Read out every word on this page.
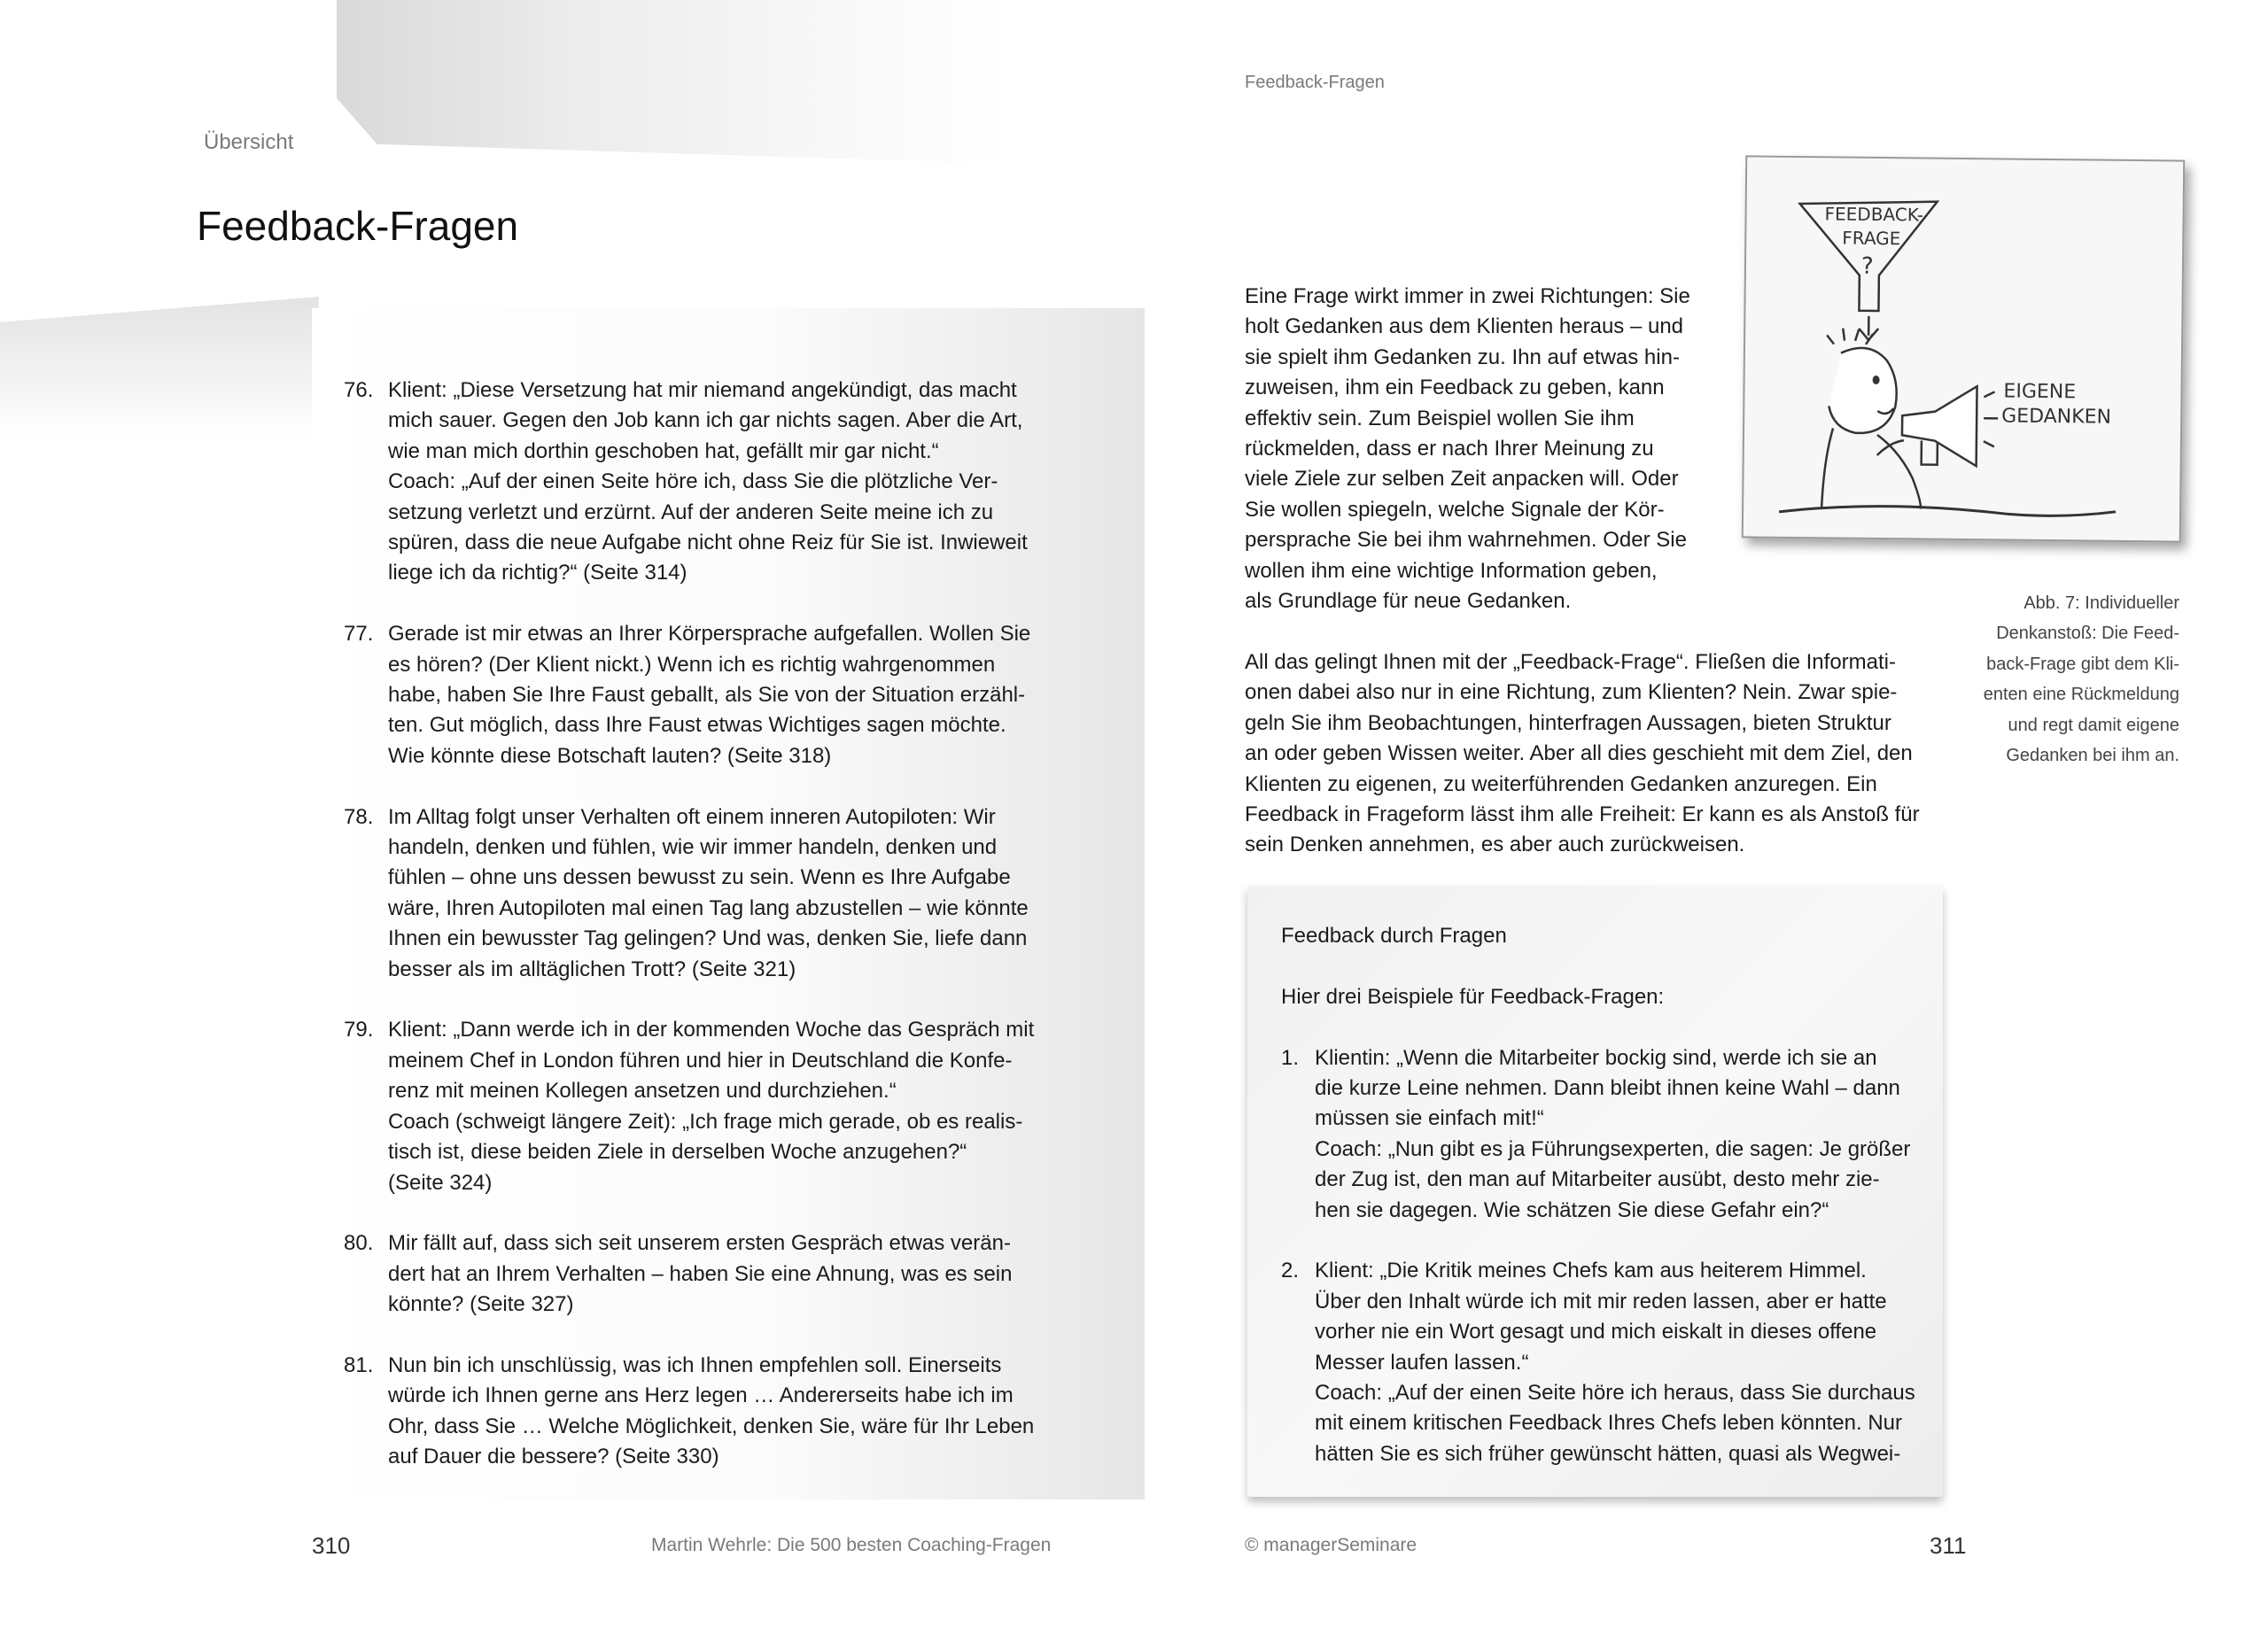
Übersicht
Feedback-Fragen
Feedback-Fragen
76. Klient: „Diese Versetzung hat mir niemand angekündigt, das macht
mich sauer. Gegen den Job kann ich gar nichts sagen. Aber die Art,
wie man mich dorthin geschoben hat, gefällt mir gar nicht.“
Coach: „Auf der einen Seite höre ich, dass Sie die plötzliche Ver-
setzung verletzt und erzürnt. Auf der anderen Seite meine ich zu
spüren, dass die neue Aufgabe nicht ohne Reiz für Sie ist. Inwieweit
liege ich da richtig?“ (Seite 314)
77. Gerade ist mir etwas an Ihrer Körpersprache aufgefallen. Wollen Sie
es hören? (Der Klient nickt.) Wenn ich es richtig wahrgenommen
habe, haben Sie Ihre Faust geballt, als Sie von der Situation erzähl-
ten. Gut möglich, dass Ihre Faust etwas Wichtiges sagen möchte.
Wie könnte diese Botschaft lauten? (Seite 318)
78. Im Alltag folgt unser Verhalten oft einem inneren Autopiloten: Wir
handeln, denken und fühlen, wie wir immer handeln, denken und
fühlen – ohne uns dessen bewusst zu sein. Wenn es Ihre Aufgabe
wäre, Ihren Autopiloten mal einen Tag lang abzustellen – wie könnte
Ihnen ein bewusster Tag gelingen? Und was, denken Sie, liefe dann
besser als im alltäglichen Trott? (Seite 321)
79. Klient: „Dann werde ich in der kommenden Woche das Gespräch mit
meinem Chef in London führen und hier in Deutschland die Konfe-
renz mit meinen Kollegen ansetzen und durchziehen.“
Coach (schweigt längere Zeit): „Ich frage mich gerade, ob es realis-
tisch ist, diese beiden Ziele in derselben Woche anzugehen?“
(Seite 324)
80. Mir fällt auf, dass sich seit unserem ersten Gespräch etwas verän-
dert hat an Ihrem Verhalten – haben Sie eine Ahnung, was es sein
könnte? (Seite 327)
81. Nun bin ich unschlüssig, was ich Ihnen empfehlen soll. Einerseits
würde ich Ihnen gerne ans Herz legen … Andererseits habe ich im
Ohr, dass Sie … Welche Möglichkeit, denken Sie, wäre für Ihr Leben
auf Dauer die bessere? (Seite 330)
Eine Frage wirkt immer in zwei Richtungen: Sie
holt Gedanken aus dem Klienten heraus – und
sie spielt ihm Gedanken zu. Ihn auf etwas hin-
zuweisen, ihm ein Feedback zu geben, kann
effektiv sein. Zum Beispiel wollen Sie ihm
rückmelden, dass er nach Ihrer Meinung zu
viele Ziele zur selben Zeit anpacken will. Oder
Sie wollen spiegeln, welche Signale der Kör-
persprache Sie bei ihm wahrnehmen. Oder Sie
wollen ihm eine wichtige Information geben,
als Grundlage für neue Gedanken.
All das gelingt Ihnen mit der „Feedback-Frage“. Fließen die Informati-
onen dabei also nur in eine Richtung, zum Klienten? Nein. Zwar spie-
geln Sie ihm Beobachtungen, hinterfragen Aussagen, bieten Struktur
an oder geben Wissen weiter. Aber all dies geschieht mit dem Ziel, den
Klienten zu eigenen, zu weiterführenden Gedanken anzuregen. Ein
Feedback in Frageform lässt ihm alle Freiheit: Er kann es als Anstoß für
sein Denken annehmen, es aber auch zurückweisen.
FEEDBACK-
FRAGE
?
EIGENE
GEDANKEN
Abb. 7: Individueller
Denkanstoß: Die Feed-
back-Frage gibt dem Kli-
enten eine Rückmeldung
und regt damit eigene
Gedanken bei ihm an.
Feedback durch Fragen
Hier drei Beispiele für Feedback-Fragen:
1. Klientin: „Wenn die Mitarbeiter bockig sind, werde ich sie an
die kurze Leine nehmen. Dann bleibt ihnen keine Wahl – dann
müssen sie einfach mit!“
Coach: „Nun gibt es ja Führungsexperten, die sagen: Je größer
der Zug ist, den man auf Mitarbeiter ausübt, desto mehr zie-
hen sie dagegen. Wie schätzen Sie diese Gefahr ein?“
2. Klient: „Die Kritik meines Chefs kam aus heiterem Himmel.
Über den Inhalt würde ich mit mir reden lassen, aber er hatte
vorher nie ein Wort gesagt und mich eiskalt in dieses offene
Messer laufen lassen.“
Coach: „Auf der einen Seite höre ich heraus, dass Sie durchaus
mit einem kritischen Feedback Ihres Chefs leben könnten. Nur
hätten Sie es sich früher gewünscht hätten, quasi als Wegwei-
310	Martin Wehrle: Die 500 besten Coaching-Fragen	© managerSeminare	311
